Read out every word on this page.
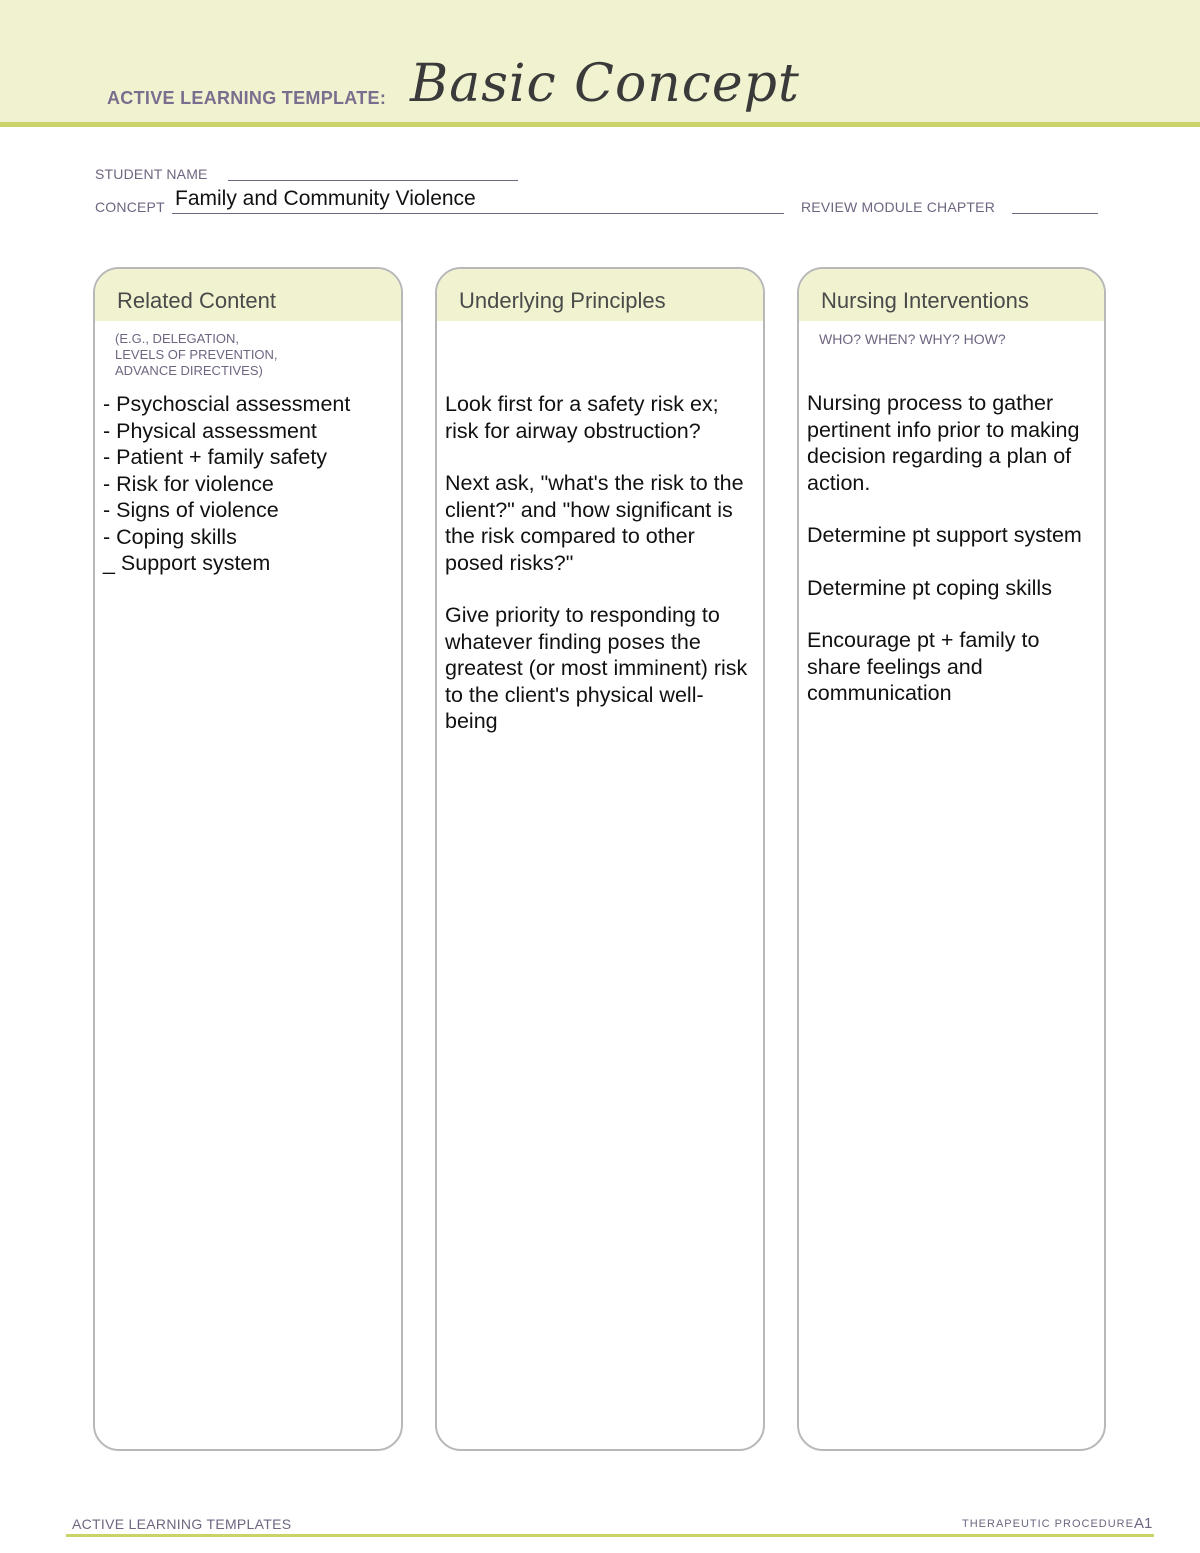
ACTIVE LEARNING TEMPLATE: Basic Concept
STUDENT NAME
CONCEPT Family and Community Violence	REVIEW MODULE CHAPTER
Related Content
(E.G., DELEGATION,
LEVELS OF PREVENTION,
ADVANCE DIRECTIVES)
- Psychoscial assessment
- Physical assessment
- Patient + family safety
- Risk for violence
- Signs of violence
- Coping skills
_ Support system
Underlying Principles

Look first for a safety risk ex; risk for airway obstruction?

Next ask, "what's the risk to the client?" and "how significant is the risk compared to other posed risks?"

Give priority to responding to whatever finding poses the greatest (or most imminent) risk to the client's physical well-being

Nursing Interventions
WHO? WHEN? WHY? HOW?

Nursing process to gather pertinent info prior to making decision regarding a plan of action.

Determine pt support system

Determine pt coping skills

Encourage pt + family to share feelings and communication

ACTIVE LEARNING TEMPLATES	THERAPEUTIC PROCEDURE A1
